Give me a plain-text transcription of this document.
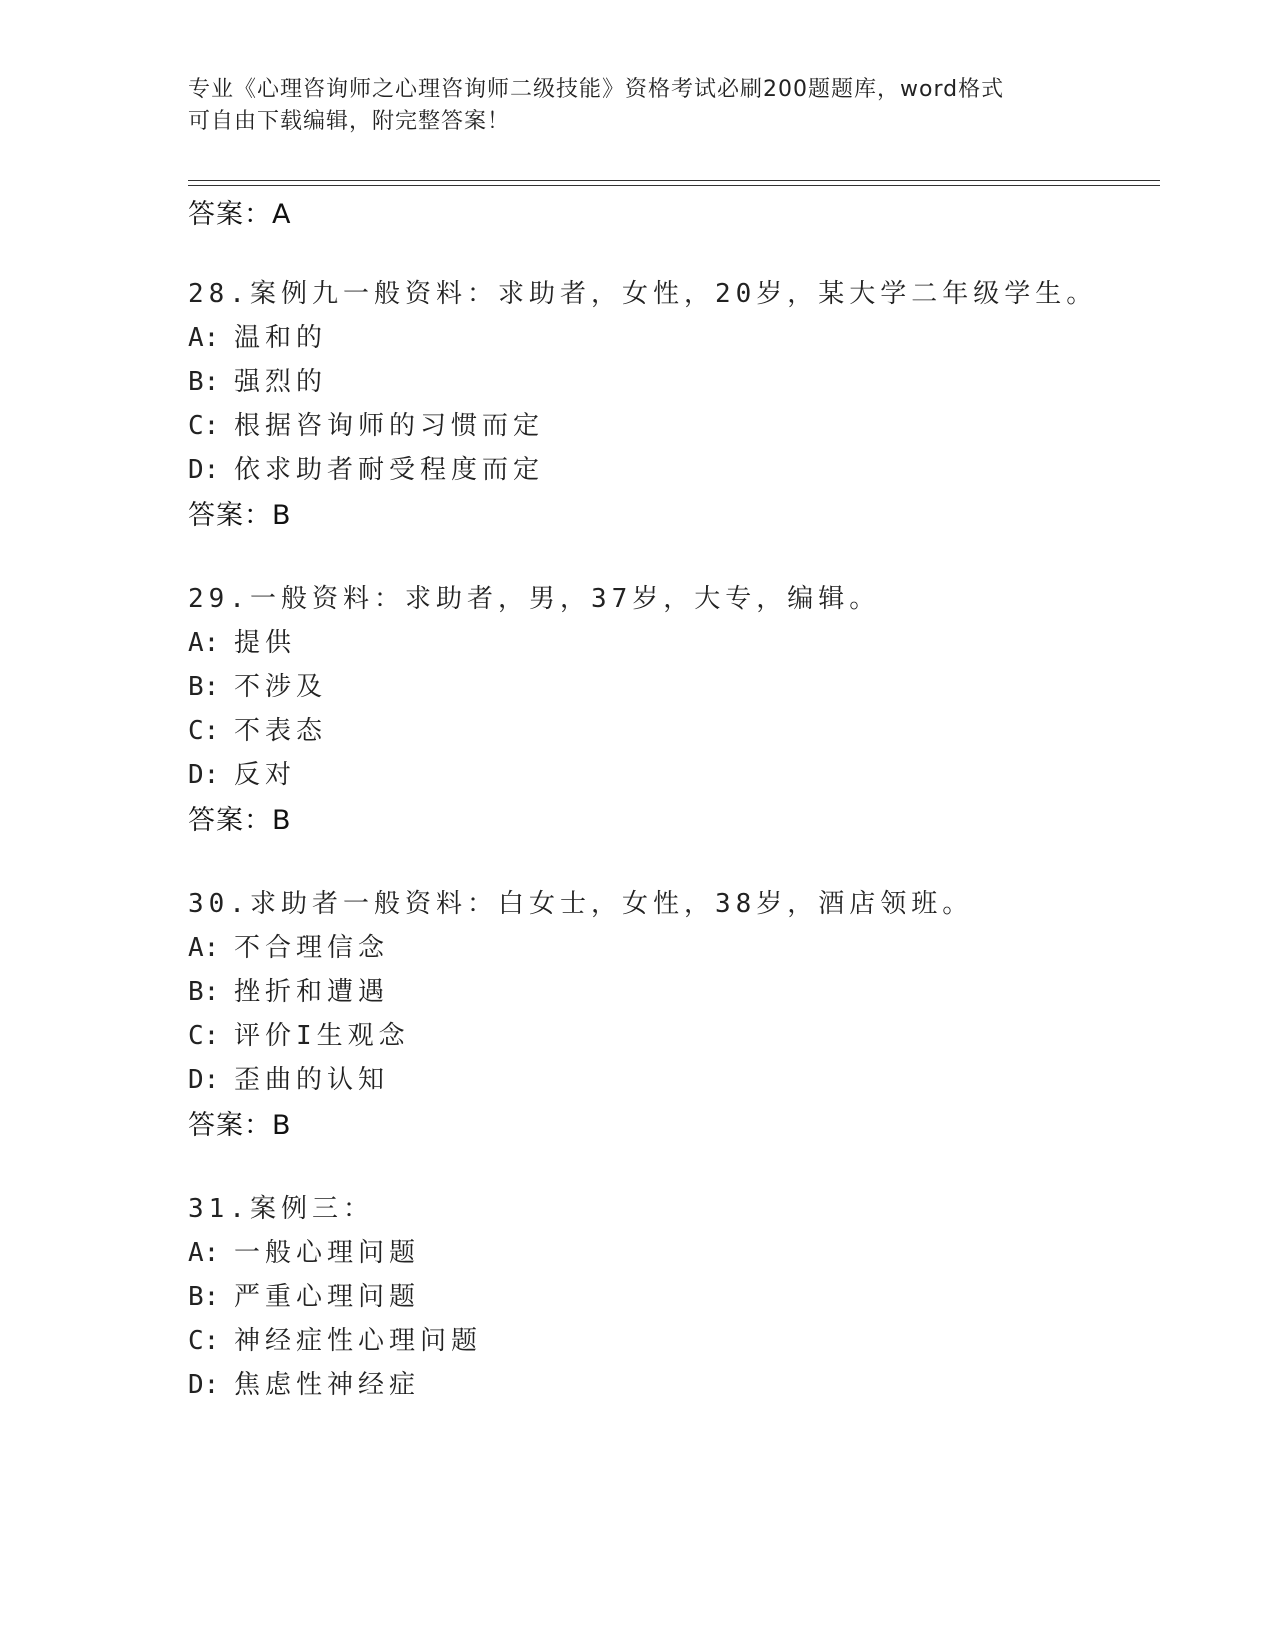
专业《心理咨询师之心理咨询师二级技能》资格考试必刷200题题库，word格式
可自由下载编辑，附完整答案！
答案：A
28.案例九一般资料：求助者，女性，20岁，某大学二年级学生。
A: 温和的
B: 强烈的
C: 根据咨询师的习惯而定
D: 依求助者耐受程度而定
答案：B
29.一般资料：求助者，男，37岁，大专，编辑。
A: 提供
B: 不涉及
C: 不表态
D: 反对
答案：B
30.求助者一般资料：白女士，女性，38岁，酒店领班。
A: 不合理信念
B: 挫折和遭遇
C: 评价I生观念
D: 歪曲的认知
答案：B
31.案例三：
A: 一般心理问题
B: 严重心理问题
C: 神经症性心理问题
D: 焦虑性神经症
